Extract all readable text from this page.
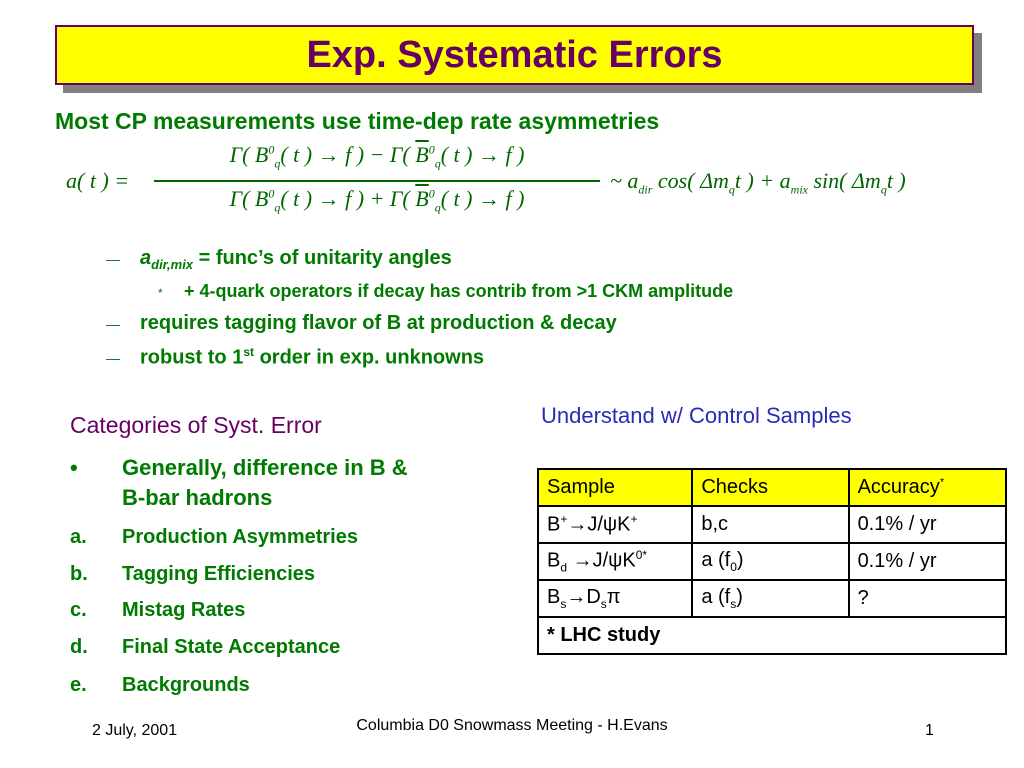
Exp. Systematic Errors
Most CP measurements use time-dep rate asymmetries
a( t ) =
Γ( $B^0_q$( t ) → f ) − Γ( $\overline{B}^0_q$( t ) → f )
Γ( $B^0_q$( t ) → f ) + Γ( $\overline{B}^0_q$( t ) → f )
~ $a_{dir}$ cos( $\Delta m_qt$ ) + $a_{mix}$ sin( $\Delta m_qt$ )
— $a_{dir,mix}$ = func’s of unitarity angles
* + 4-quark operators if decay has contrib from >1 CKM amplitude
— requires tagging flavor of B at production & decay
— robust to 1st order in exp. unknowns
Categories of Syst. Error
• Generally, difference in B &
B-bar hadrons
a. Production Asymmetries
b. Tagging Efficiencies
c. Mistag Rates
d. Final State Acceptance
e. Backgrounds
Understand w/ Control Samples
Sample	Checks	Accuracy*
B+→J/ψK+	b,c	0.1% / yr
$B_d \to J/\psi K^{0*}$	a $(f_0)$	0.1% / yr
$B_s\to D_s\pi$	a $(f_s)$	?
* LHC study		
2 July, 2001	Columbia D0 Snowmass Meeting - H.Evans	1
